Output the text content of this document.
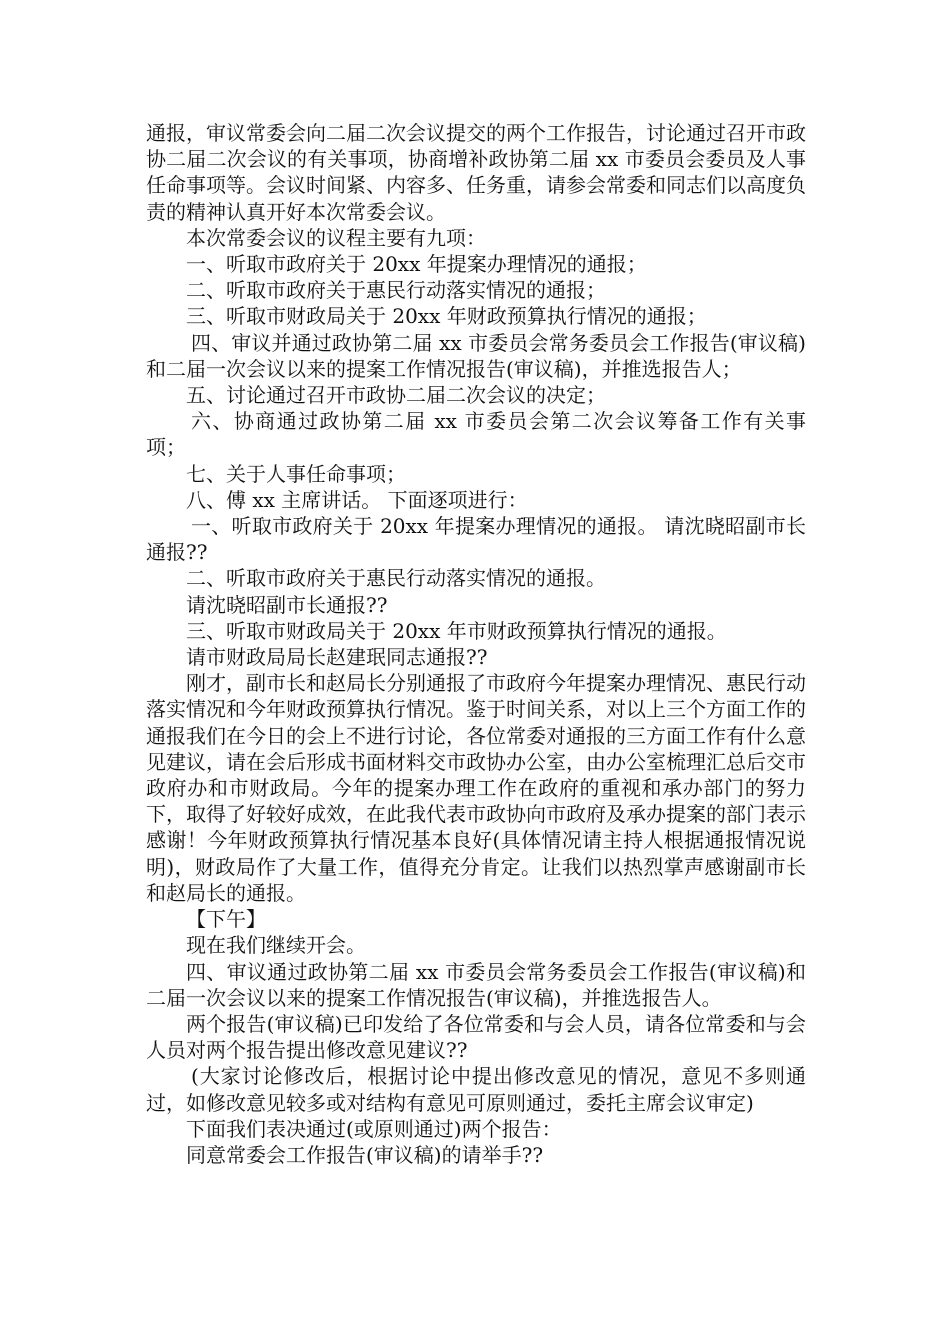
通报，审议常委会向二届二次会议提交的两个工作报告，讨论通过召开市政协二届二次会议的有关事项，协商增补政协第二届 xx 市委员会委员及人事任命事项等。会议时间紧、内容多、任务重，请参会常委和同志们以高度负责的精神认真开好本次常委会议。

本次常委会议的议程主要有九项：

一、听取市政府关于 20xx 年提案办理情况的通报；

二、听取市政府关于惠民行动落实情况的通报；

三、听取市财政局关于 20xx 年财政预算执行情况的通报；

四、审议并通过政协第二届 xx 市委员会常务委员会工作报告(审议稿)和二届一次会议以来的提案工作情况报告(审议稿)，并推选报告人；

五、讨论通过召开市政协二届二次会议的决定；

六、协商通过政协第二届 xx 市委员会第二次会议筹备工作有关事项；

七、关于人事任命事项；

八、傅 xx 主席讲话。 下面逐项进行：

一、听取市政府关于 20xx 年提案办理情况的通报。 请沈晓昭副市长通报??

二、听取市政府关于惠民行动落实情况的通报。

请沈晓昭副市长通报??

三、听取市财政局关于 20xx 年市财政预算执行情况的通报。

请市财政局局长赵建珉同志通报??

刚才，副市长和赵局长分别通报了市政府今年提案办理情况、惠民行动落实情况和今年财政预算执行情况。鉴于时间关系，对以上三个方面工作的通报我们在今日的会上不进行讨论，各位常委对通报的三方面工作有什么意见建议，请在会后形成书面材料交市政协办公室，由办公室梳理汇总后交市政府办和市财政局。今年的提案办理工作在政府的重视和承办部门的努力下，取得了好较好成效，在此我代表市政协向市政府及承办提案的部门表示感谢！今年财政预算执行情况基本良好(具体情况请主持人根据通报情况说明)，财政局作了大量工作，值得充分肯定。让我们以热烈掌声感谢副市长和赵局长的通报。

【下午】

现在我们继续开会。

四、审议通过政协第二届 xx 市委员会常务委员会工作报告(审议稿)和二届一次会议以来的提案工作情况报告(审议稿)，并推选报告人。

两个报告(审议稿)已印发给了各位常委和与会人员，请各位常委和与会人员对两个报告提出修改意见建议??

(大家讨论修改后，根据讨论中提出修改意见的情况，意见不多则通过，如修改意见较多或对结构有意见可原则通过，委托主席会议审定)

下面我们表决通过(或原则通过)两个报告：

同意常委会工作报告(审议稿)的请举手??
